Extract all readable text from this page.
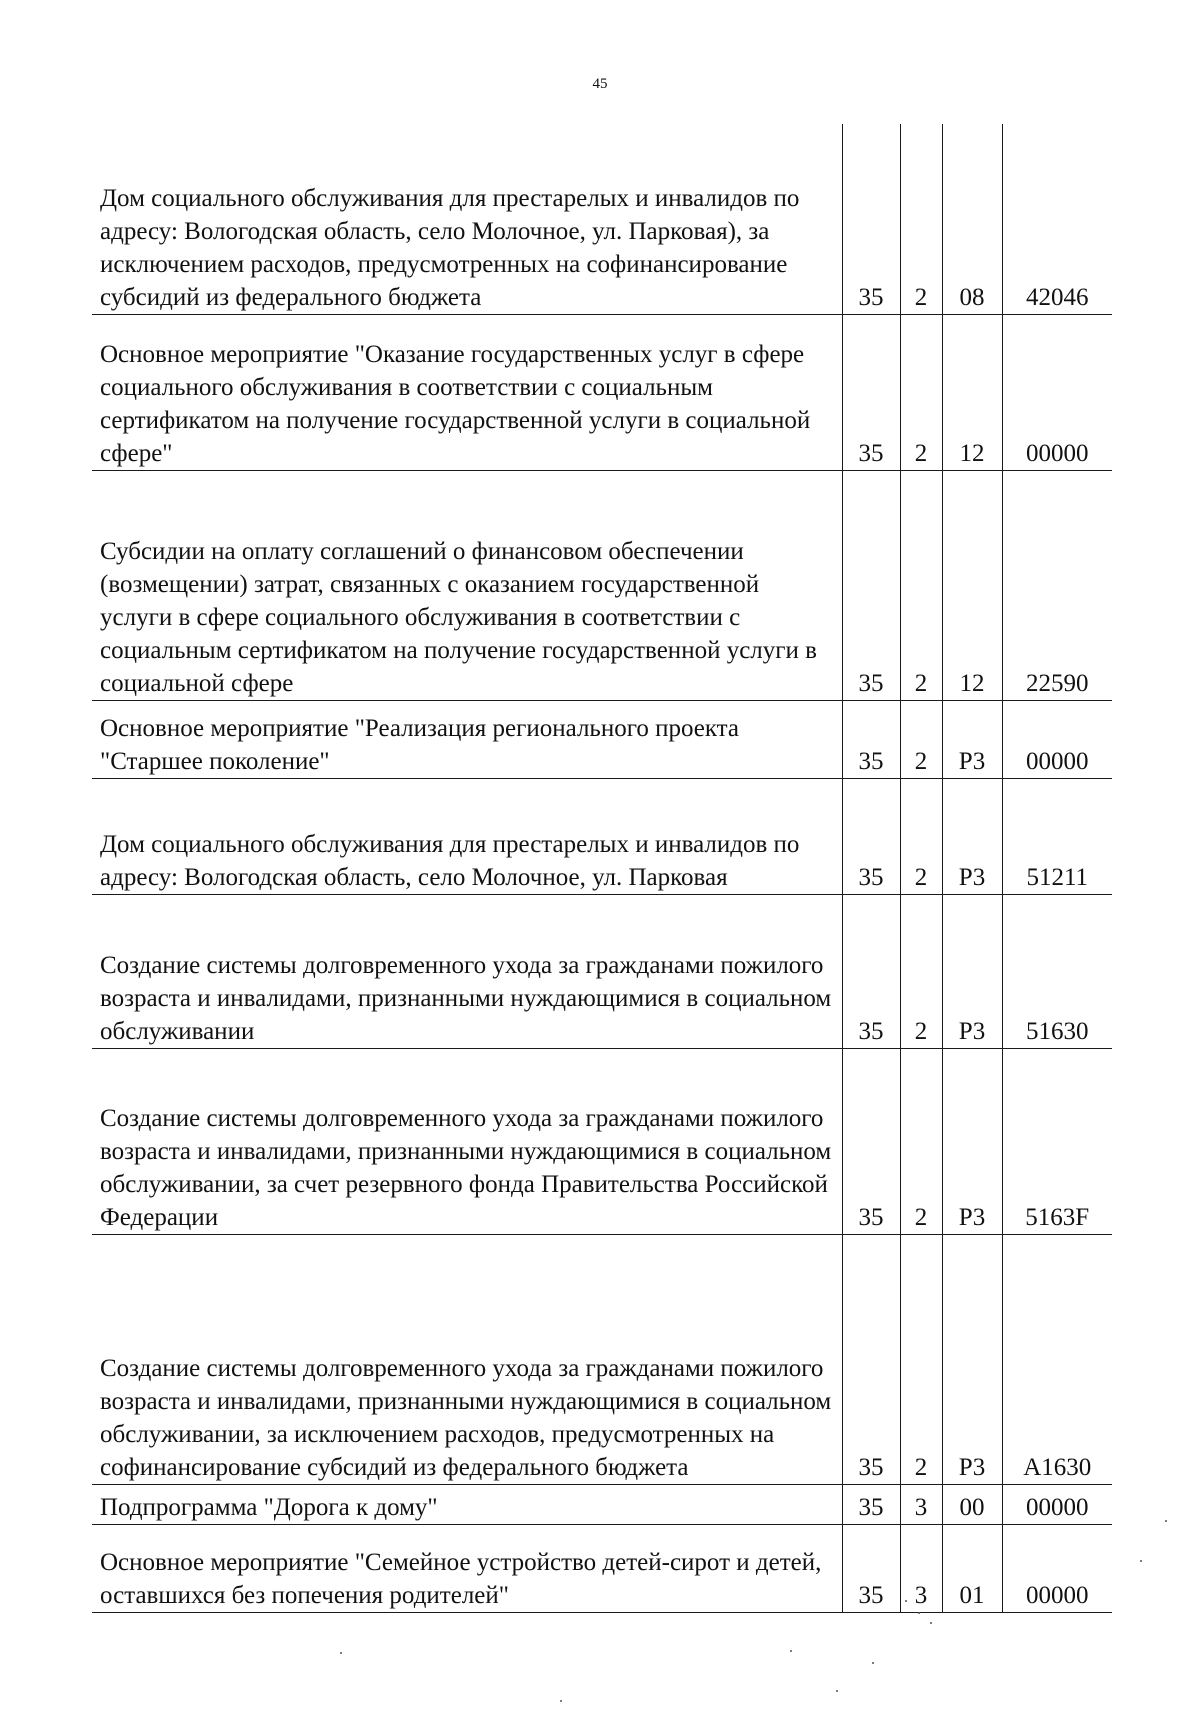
45
Дом социального обслуживания для престарелых и инвалидов по адресу: Вологодская область, село Молочное, ул. Парковая), за исключением расходов, предусмотренных на софинансирование субсидий из федерального бюджета	35	2	08	42046
Основное мероприятие "Оказание государственных услуг в сфере социального обслуживания в соответствии с социальным сертификатом на получение государственной услуги в социальной сфере"	35	2	12	00000
Субсидии на оплату соглашений о финансовом обеспечении (возмещении) затрат, связанных с оказанием государственной услуги в сфере социального обслуживания в соответствии с социальным сертификатом на получение государственной услуги в социальной сфере	35	2	12	22590
Основное мероприятие "Реализация регионального проекта "Старшее поколение"	35	2	P3	00000
Дом социального обслуживания для престарелых и инвалидов по адресу: Вологодская область, село Молочное, ул. Парковая	35	2	P3	51211
Создание системы долговременного ухода за гражданами пожилого возраста и инвалидами, признанными нуждающимися в социальном обслуживании	35	2	P3	51630
Создание системы долговременного ухода за гражданами пожилого возраста и инвалидами, признанными нуждающимися в социальном обслуживании, за счет резервного фонда Правительства Российской Федерации	35	2	P3	5163F
Создание системы долговременного ухода за гражданами пожилого возраста и инвалидами, признанными нуждающимися в социальном обслуживании, за исключением расходов, предусмотренных на софинансирование субсидий из федерального бюджета	35	2	P3	A1630
Подпрограмма "Дорога к дому"	35	3	00	00000
Основное мероприятие "Семейное устройство детей-сирот и детей, оставшихся без попечения родителей"	35	3	01	00000
